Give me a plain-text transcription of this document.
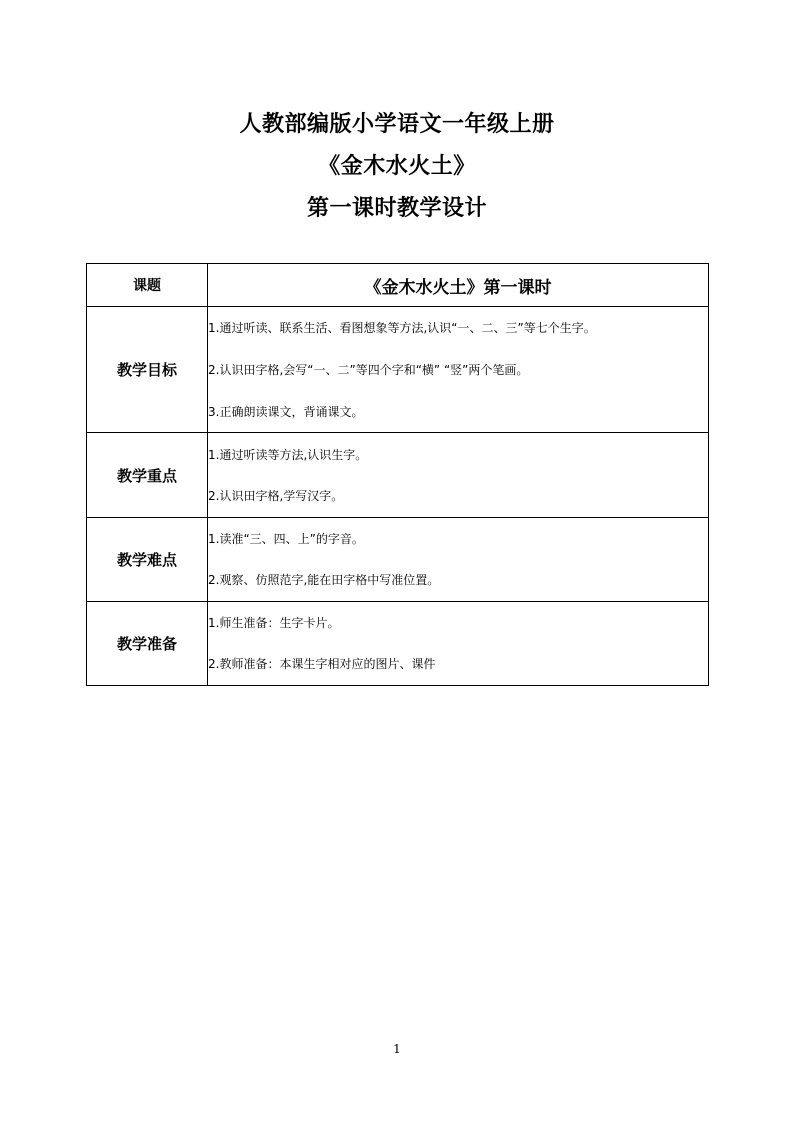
人教部编版小学语文一年级上册
《金木水火土》
第一课时教学设计
课题	《金木水火土》第一课时
教学目标	1.通过听读、联系生活、看图想象等方法,认识“一、二、三”等七个生字。

2.认识田字格,会写“一、二”等四个字和“横” “竖”两个笔画。

3.正确朗读课文，背诵课文。

教学重点	1.通过听读等方法,认识生字。

2.认识田字格,学写汉字。

教学难点	1.读准“三、四、上”的字音。

2.观察、仿照范字,能在田字格中写准位置。

教学准备	1.师生准备：生字卡片。

2.教师准备：本课生字相对应的图片、课件

1
